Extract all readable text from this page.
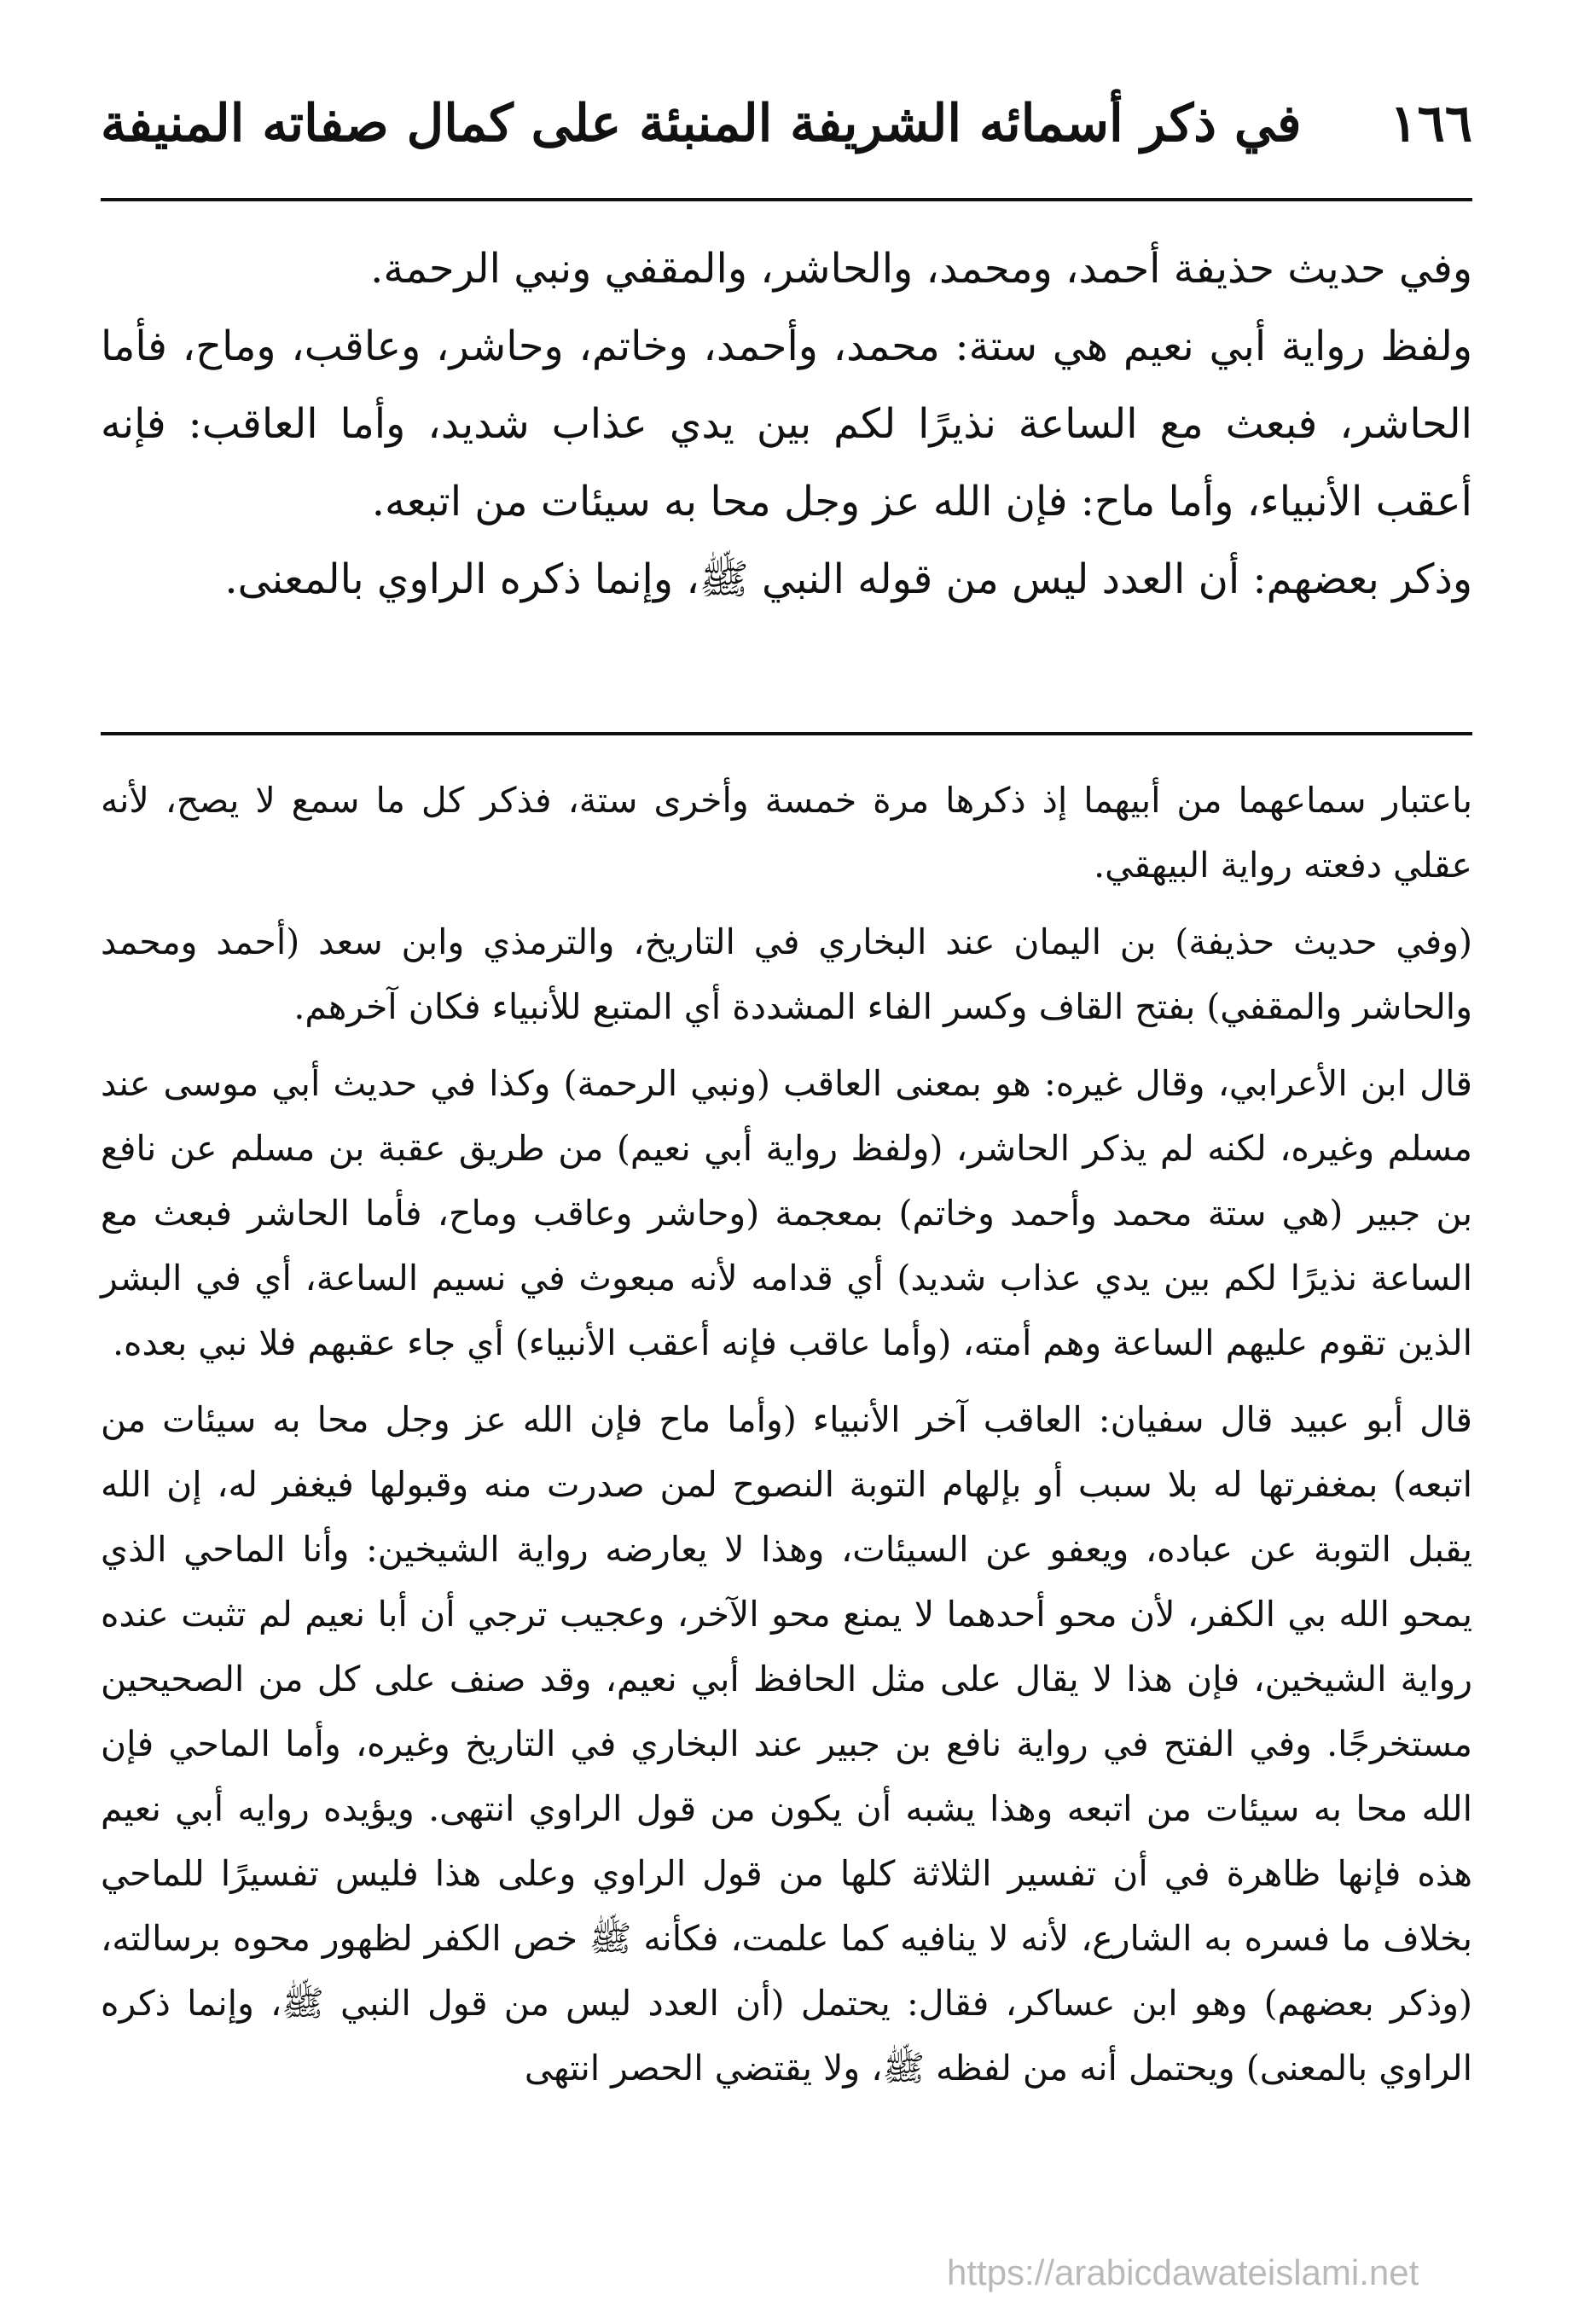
١٦٦
في ذكر أسمائه الشريفة المنبئة على كمال صفاته المنيفة

وفي حديث حذيفة أحمد، ومحمد، والحاشر، والمقفي ونبي الرحمة.

ولفظ رواية أبي نعيم هي ستة: محمد، وأحمد، وخاتم، وحاشر، وعاقب، وماح، فأما الحاشر، فبعث مع الساعة نذيرًا لكم بين يدي عذاب شديد، وأما العاقب: فإنه أعقب الأنبياء، وأما ماح: فإن الله عز وجل محا به سيئات من اتبعه.

وذكر بعضهم: أن العدد ليس من قوله النبي ﷺ، وإنما ذكره الراوي بالمعنى.

باعتبار سماعهما من أبيهما إذ ذكرها مرة خمسة وأخرى ستة، فذكر كل ما سمع لا يصح، لأنه عقلي دفعته رواية البيهقي.

(وفي حديث حذيفة) بن اليمان عند البخاري في التاريخ، والترمذي وابن سعد (أحمد ومحمد والحاشر والمقفي) بفتح القاف وكسر الفاء المشددة أي المتبع للأنبياء فكان آخرهم.

قال ابن الأعرابي، وقال غيره: هو بمعنى العاقب (ونبي الرحمة) وكذا في حديث أبي موسى عند مسلم وغيره، لكنه لم يذكر الحاشر، (ولفظ رواية أبي نعيم) من طريق عقبة بن مسلم عن نافع بن جبير (هي ستة محمد وأحمد وخاتم) بمعجمة (وحاشر وعاقب وماح، فأما الحاشر فبعث مع الساعة نذيرًا لكم بين يدي عذاب شديد) أي قدامه لأنه مبعوث في نسيم الساعة، أي في البشر الذين تقوم عليهم الساعة وهم أمته، (وأما عاقب فإنه أعقب الأنبياء) أي جاء عقبهم فلا نبي بعده.

قال أبو عبيد قال سفيان: العاقب آخر الأنبياء (وأما ماح فإن الله عز وجل محا به سيئات من اتبعه) بمغفرتها له بلا سبب أو بإلهام التوبة النصوح لمن صدرت منه وقبولها فيغفر له، إن الله يقبل التوبة عن عباده، ويعفو عن السيئات، وهذا لا يعارضه رواية الشيخين: وأنا الماحي الذي يمحو الله بي الكفر، لأن محو أحدهما لا يمنع محو الآخر، وعجيب ترجي أن أبا نعيم لم تثبت عنده رواية الشيخين، فإن هذا لا يقال على مثل الحافظ أبي نعيم، وقد صنف على كل من الصحيحين مستخرجًا. وفي الفتح في رواية نافع بن جبير عند البخاري في التاريخ وغيره، وأما الماحي فإن الله محا به سيئات من اتبعه وهذا يشبه أن يكون من قول الراوي انتهى. ويؤيده روايه أبي نعيم هذه فإنها ظاهرة في أن تفسير الثلاثة كلها من قول الراوي وعلى هذا فليس تفسيرًا للماحي بخلاف ما فسره به الشارع، لأنه لا ينافيه كما علمت، فكأنه ﷺ خص الكفر لظهور محوه برسالته، (وذكر بعضهم) وهو ابن عساكر، فقال: يحتمل (أن العدد ليس من قول النبي ﷺ، وإنما ذكره الراوي بالمعنى) ويحتمل أنه من لفظه ﷺ، ولا يقتضي الحصر انتهى

https://arabicdawateislami.net
